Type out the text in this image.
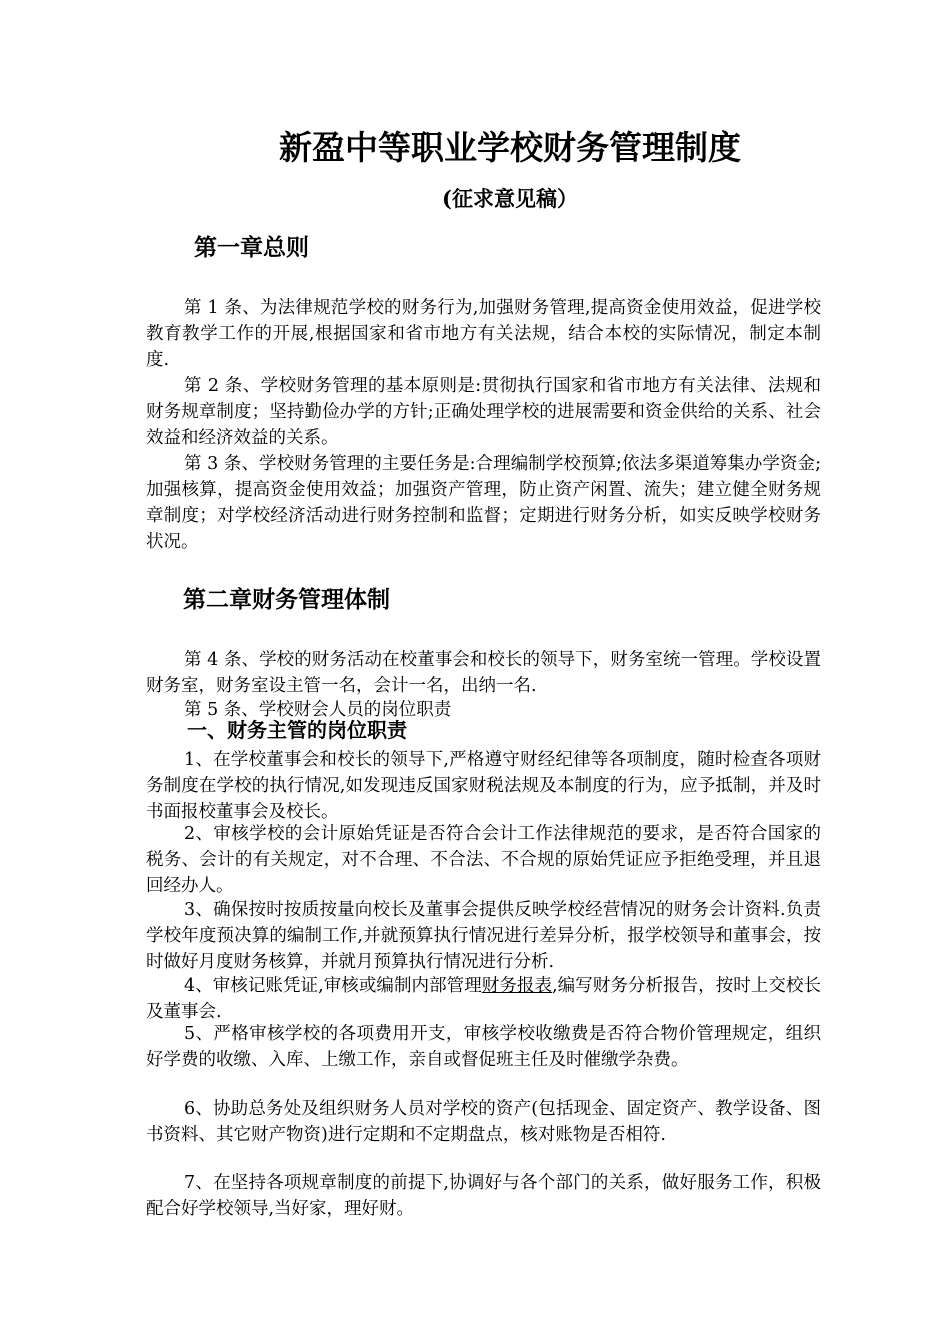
新盈中等职业学校财务管理制度
(征求意见稿）
第一章总则

第 1 条、为法律规范学校的财务行为,加强财务管理,提高资金使用效益，促进学校教育教学工作的开展,根据国家和省市地方有关法规，结合本校的实际情况，制定本制度.

第 2 条、学校财务管理的基本原则是:贯彻执行国家和省市地方有关法律、法规和财务规章制度；坚持勤俭办学的方针;正确处理学校的进展需要和资金供给的关系、社会效益和经济效益的关系。

第 3 条、学校财务管理的主要任务是:合理编制学校预算;依法多渠道筹集办学资金;加强核算，提高资金使用效益；加强资产管理，防止资产闲置、流失；建立健全财务规章制度；对学校经济活动进行财务控制和监督；定期进行财务分析，如实反映学校财务状况。

第二章财务管理体制

第 4 条、学校的财务活动在校董事会和校长的领导下，财务室统一管理。学校设置财务室，财务室设主管一名，会计一名，出纳一名.

第 5 条、学校财会人员的岗位职责

一、财务主管的岗位职责

1、在学校董事会和校长的领导下,严格遵守财经纪律等各项制度，随时检查各项财务制度在学校的执行情况,如发现违反国家财税法规及本制度的行为，应予抵制，并及时书面报校董事会及校长。

2、审核学校的会计原始凭证是否符合会计工作法律规范的要求，是否符合国家的税务、会计的有关规定，对不合理、不合法、不合规的原始凭证应予拒绝受理，并且退回经办人。

3、确保按时按质按量向校长及董事会提供反映学校经营情况的财务会计资料.负责学校年度预决算的编制工作,并就预算执行情况进行差异分析，报学校领导和董事会，按时做好月度财务核算，并就月预算执行情况进行分析.

4、审核记账凭证,审核或编制内部管理财务报表,编写财务分析报告，按时上交校长及董事会.

5、严格审核学校的各项费用开支，审核学校收缴费是否符合物价管理规定，组织好学费的收缴、入库、上缴工作，亲自或督促班主任及时催缴学杂费。

6、协助总务处及组织财务人员对学校的资产(包括现金、固定资产、教学设备、图书资料、其它财产物资)进行定期和不定期盘点，核对账物是否相符.

7、在坚持各项规章制度的前提下,协调好与各个部门的关系，做好服务工作，积极配合好学校领导,当好家，理好财。
